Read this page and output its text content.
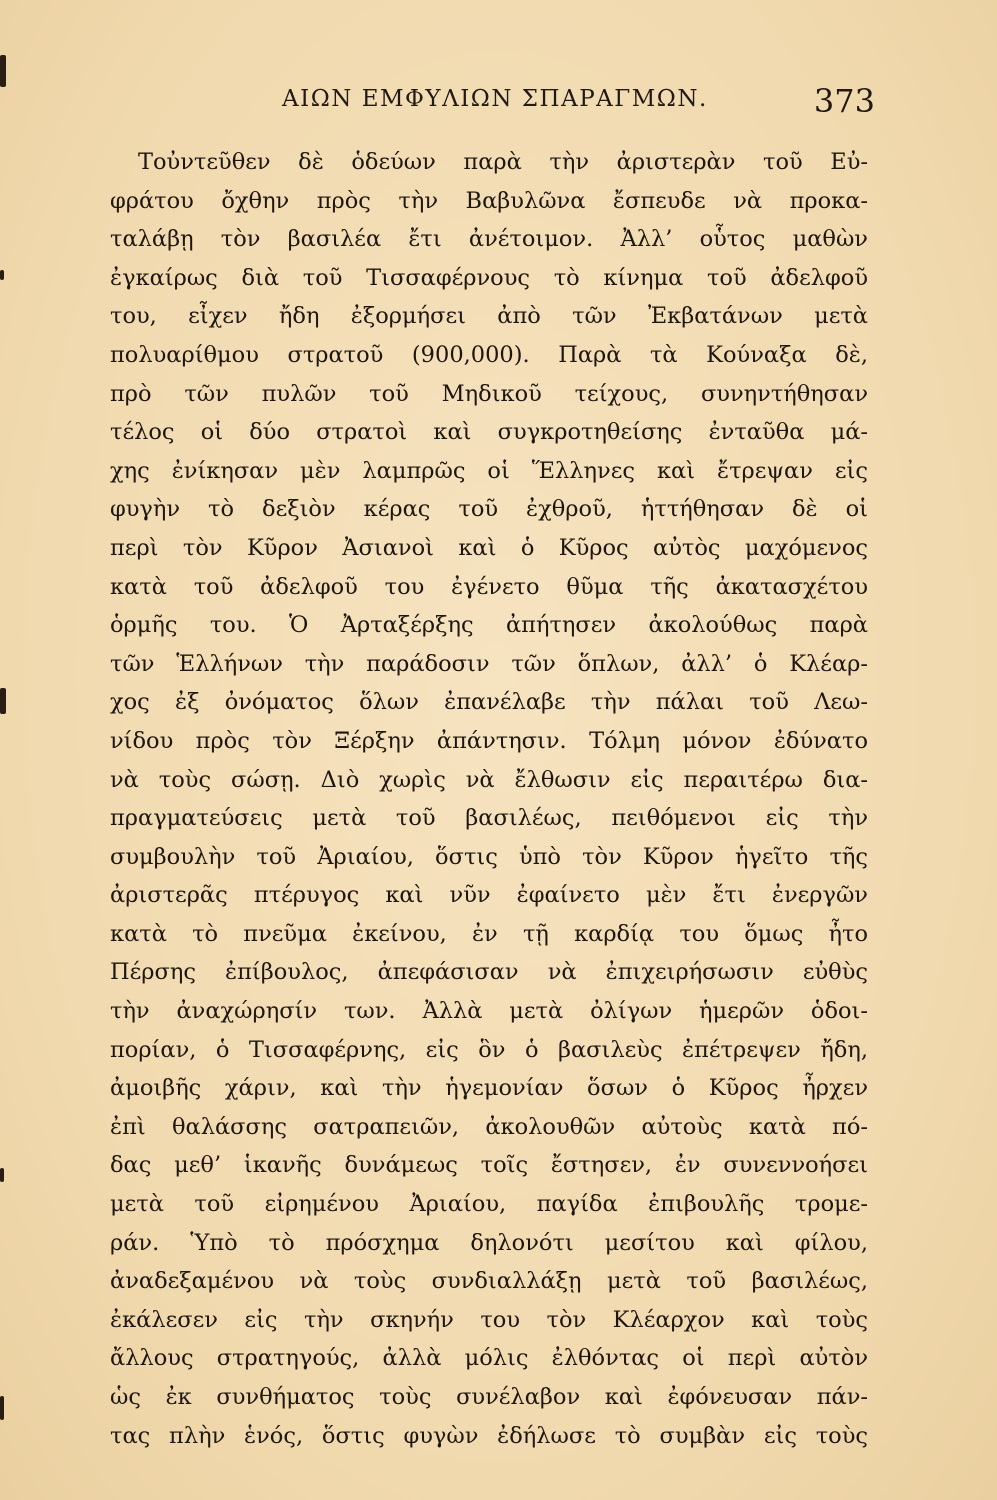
ΑΙΩΝ ΕΜΦΥΛΙΩΝ ΣΠΑΡΑΓΜΩΝ.	373
Τοὐντεῦθεν δὲ ὁδεύων παρὰ τὴν ἀριστερὰν τοῦ Εὐ-
φράτου ὄχθην πρὸς τὴν Βαβυλῶνα ἔσπευδε νὰ προκα-
ταλάβῃ τὸν βασιλέα ἔτι ἀνέτοιμον. Ἀλλ’ οὗτος μαθὼν
ἐγκαίρως διὰ τοῦ Τισσαφέρνους τὸ κίνημα τοῦ ἀδελφοῦ
του, εἶχεν ἤδη ἐξορμήσει ἀπὸ τῶν Ἐκβατάνων μετὰ
πολυαρίθμου στρατοῦ (900,000). Παρὰ τὰ Κούναξα δὲ,
πρὸ τῶν πυλῶν τοῦ Μηδικοῦ τείχους, συνηντήθησαν
τέλος οἱ δύο στρατοὶ καὶ συγκροτηθείσης ἐνταῦθα μά-
χης ἐνίκησαν μὲν λαμπρῶς οἱ Ἕλληνες καὶ ἔτρεψαν εἰς
φυγὴν τὸ δεξιὸν κέρας τοῦ ἐχθροῦ, ἡττήθησαν δὲ οἱ
περὶ τὸν Κῦρον Ἀσιανοὶ καὶ ὁ Κῦρος αὐτὸς μαχόμενος
κατὰ τοῦ ἀδελφοῦ του ἐγένετο θῦμα τῆς ἀκατασχέτου
ὁρμῆς του. Ὁ Ἀρταξέρξης ἀπήτησεν ἀκολούθως παρὰ
τῶν Ἑλλήνων τὴν παράδοσιν τῶν ὅπλων, ἀλλ’ ὁ Κλέαρ-
χος ἐξ ὀνόματος ὅλων ἐπανέλαβε τὴν πάλαι τοῦ Λεω-
νίδου πρὸς τὸν Ξέρξην ἀπάντησιν. Τόλμη μόνον ἐδύνατο
νὰ τοὺς σώσῃ. Διὸ χωρὶς νὰ ἔλθωσιν εἰς περαιτέρω δια-
πραγματεύσεις μετὰ τοῦ βασιλέως, πειθόμενοι εἰς τὴν
συμβουλὴν τοῦ Ἀριαίου, ὅστις ὑπὸ τὸν Κῦρον ἡγεῖτο τῆς
ἀριστερᾶς πτέρυγος καὶ νῦν ἐφαίνετο μὲν ἔτι ἐνεργῶν
κατὰ τὸ πνεῦμα ἐκείνου, ἐν τῇ καρδίᾳ του ὅμως ἦτο
Πέρσης ἐπίβουλος, ἀπεφάσισαν νὰ ἐπιχειρήσωσιν εὐθὺς
τὴν ἀναχώρησίν των. Ἀλλὰ μετὰ ὀλίγων ἡμερῶν ὁδοι-
πορίαν, ὁ Τισσαφέρνης, εἰς ὃν ὁ βασιλεὺς ἐπέτρεψεν ἤδη,
ἀμοιβῆς χάριν, καὶ τὴν ἡγεμονίαν ὅσων ὁ Κῦρος ἦρχεν
ἐπὶ θαλάσσης σατραπειῶν, ἀκολουθῶν αὐτοὺς κατὰ πό-
δας μεθ’ ἱκανῆς δυνάμεως τοῖς ἔστησεν, ἐν συνεννοήσει
μετὰ τοῦ εἰρημένου Ἀριαίου, παγίδα ἐπιβουλῆς τρομε-
ράν. Ὑπὸ τὸ πρόσχημα δηλονότι μεσίτου καὶ φίλου,
ἀναδεξαμένου νὰ τοὺς συνδιαλλάξῃ μετὰ τοῦ βασιλέως,
ἐκάλεσεν εἰς τὴν σκηνήν του τὸν Κλέαρχον καὶ τοὺς
ἄλλους στρατηγούς, ἀλλὰ μόλις ἐλθόντας οἱ περὶ αὐτὸν
ὡς ἐκ συνθήματος τοὺς συνέλαβον καὶ ἐφόνευσαν πάν-
τας πλὴν ἑνός, ὅστις φυγὼν ἐδήλωσε τὸ συμβὰν εἰς τοὺς
